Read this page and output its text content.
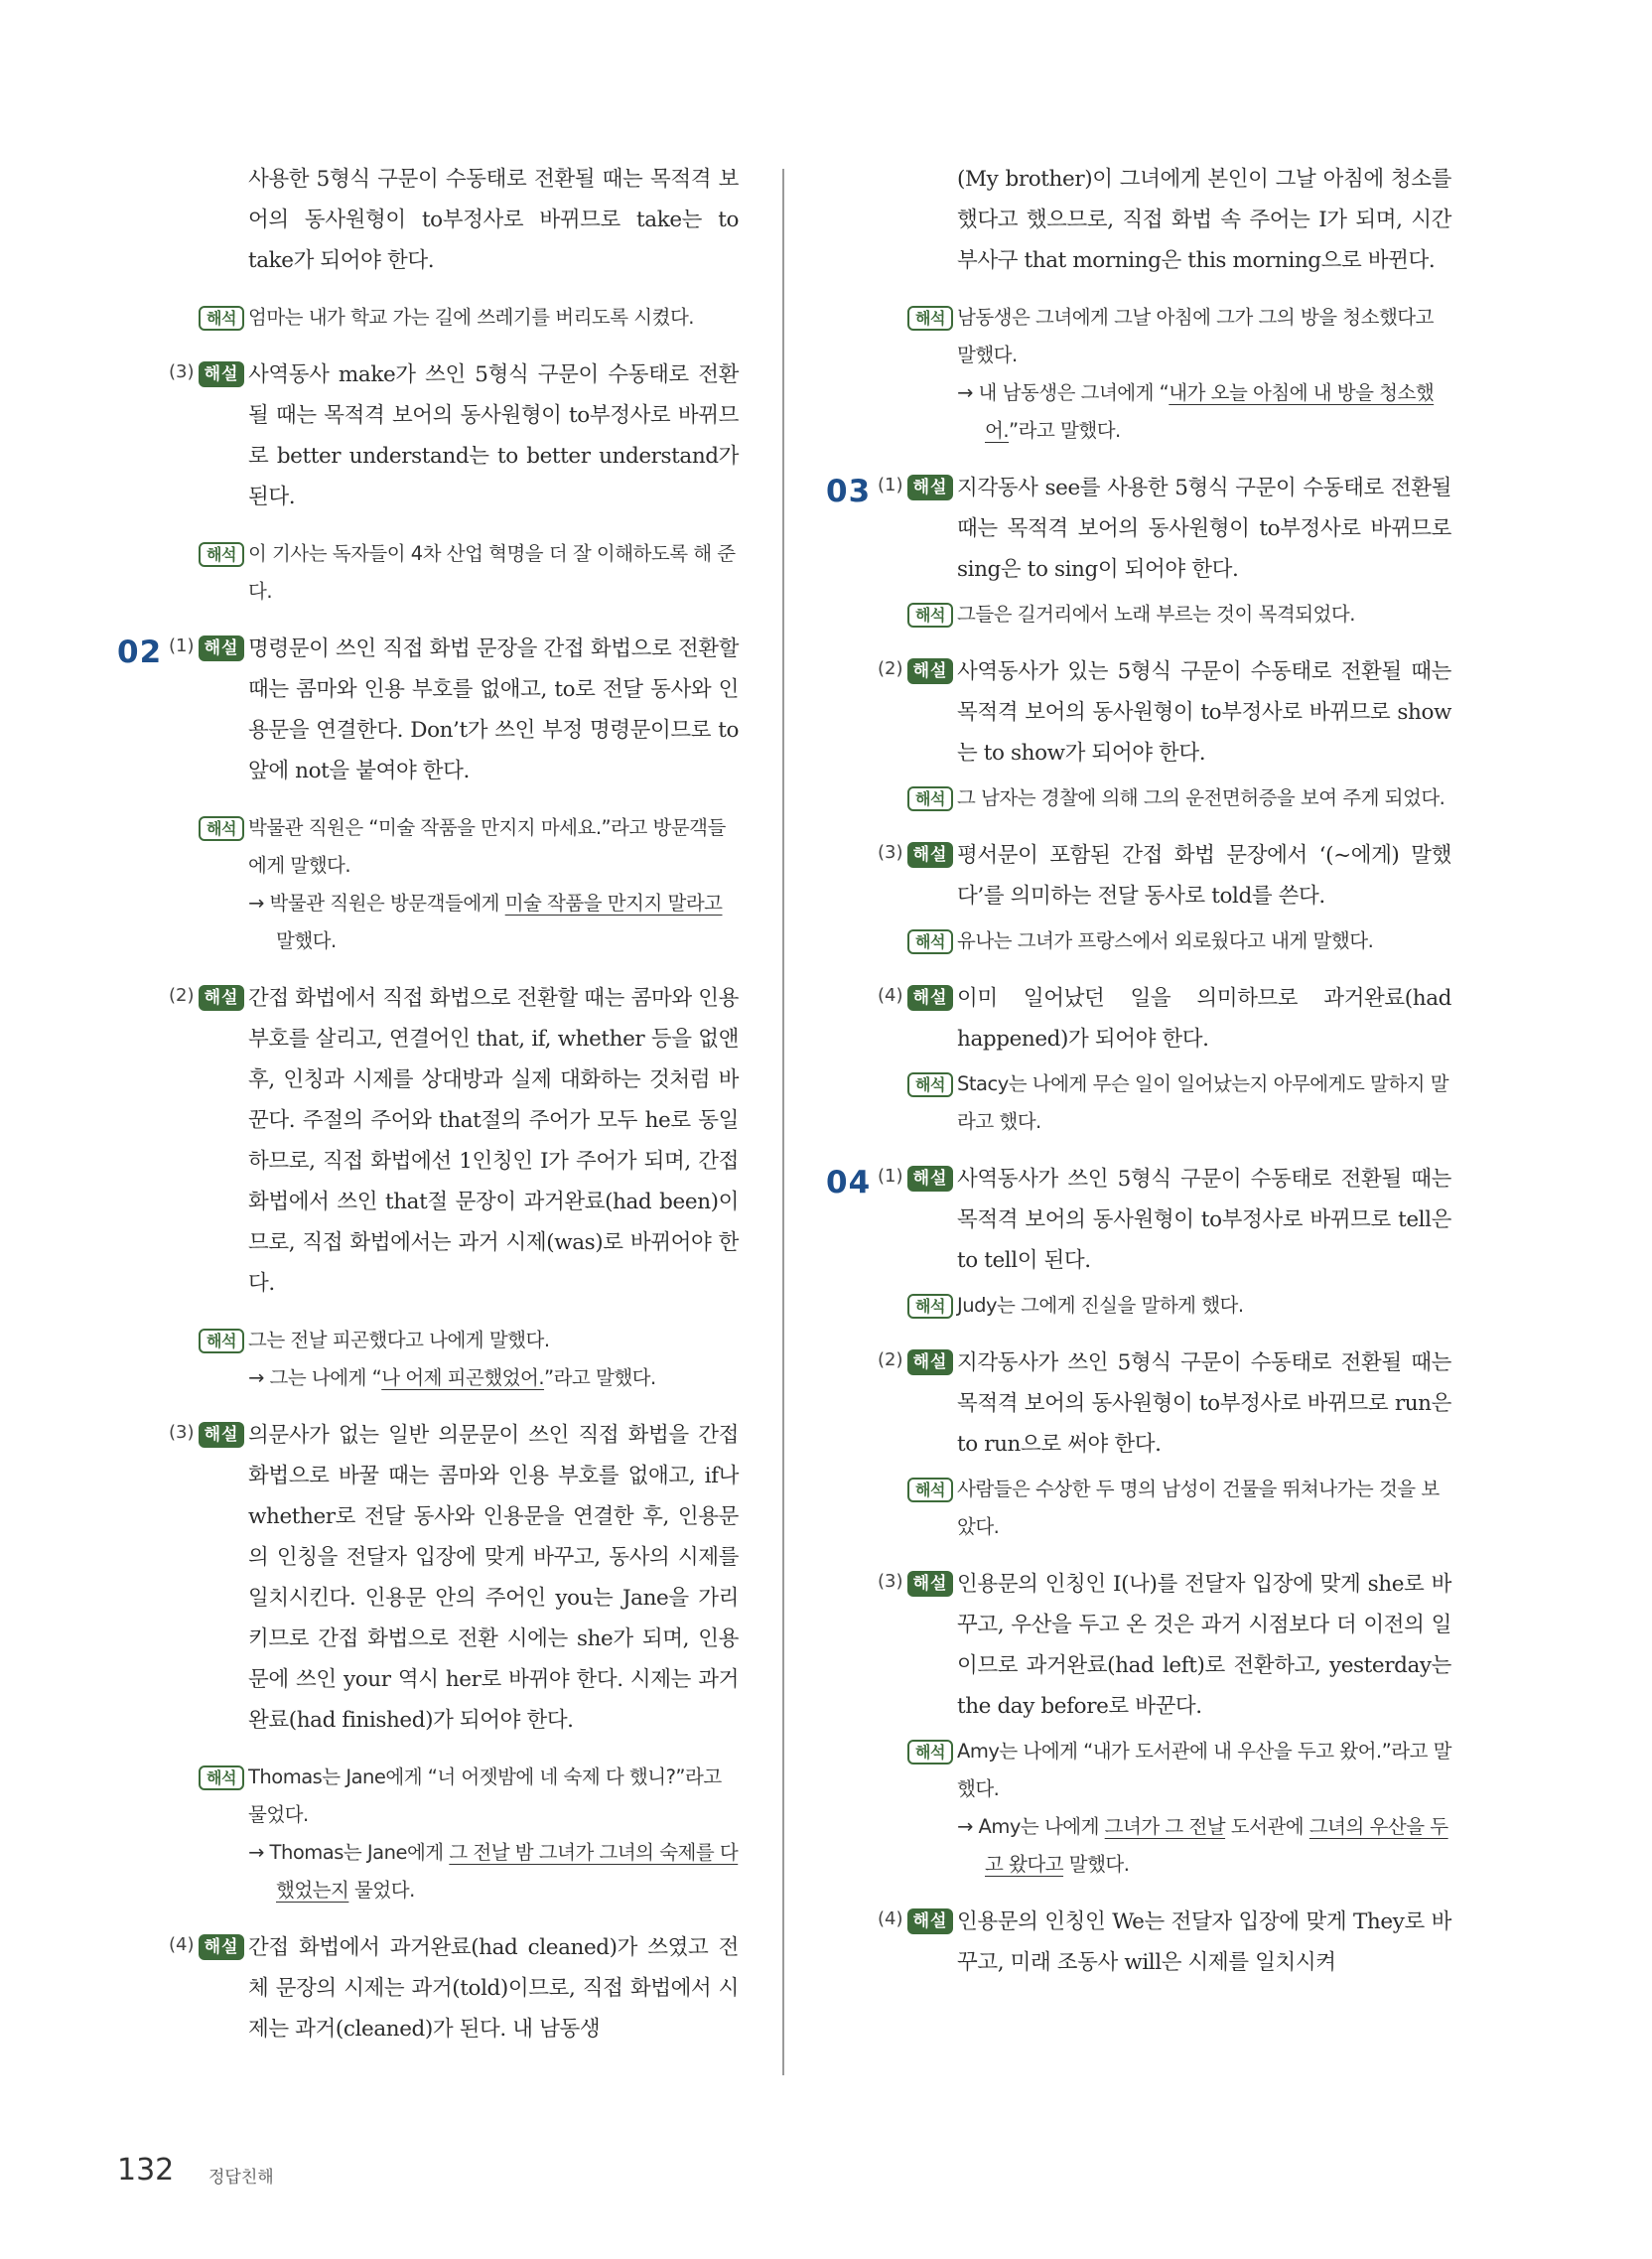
사용한 5형식 구문이 수동태로 전환될 때는 목적격 보어의 동사원형이 to부정사로 바뀌므로 take는 to take가 되어야 한다.

해석 엄마는 내가 학교 가는 길에 쓰레기를 버리도록 시켰다.

(3) 해설 사역동사 make가 쓰인 5형식 구문이 수동태로 전환될 때는 목적격 보어의 동사원형이 to부정사로 바뀌므로 better understand는 to better understand가 된다.

해석 이 기사는 독자들이 4차 산업 혁명을 더 잘 이해하도록 해 준다.

02 (1) 해설 명령문이 쓰인 직접 화법 문장을 간접 화법으로 전환할 때는 콤마와 인용 부호를 없애고, to로 전달 동사와 인용문을 연결한다. Don’t가 쓰인 부정 명령문이므로 to 앞에 not을 붙여야 한다.

해석 박물관 직원은 “미술 작품을 만지지 마세요.”라고 방문객들에게 말했다.

→ 박물관 직원은 방문객들에게 미술 작품을 만지지 말라고 말했다.

(2) 해설 간접 화법에서 직접 화법으로 전환할 때는 콤마와 인용 부호를 살리고, 연결어인 that, if, whether 등을 없앤 후, 인칭과 시제를 상대방과 실제 대화하는 것처럼 바꾼다. 주절의 주어와 that절의 주어가 모두 he로 동일하므로, 직접 화법에선 1인칭인 I가 주어가 되며, 간접 화법에서 쓰인 that절 문장이 과거완료(had been)이므로, 직접 화법에서는 과거 시제(was)로 바뀌어야 한다.

해석 그는 전날 피곤했다고 나에게 말했다.

→ 그는 나에게 “나 어제 피곤했었어.”라고 말했다.

(3) 해설 의문사가 없는 일반 의문문이 쓰인 직접 화법을 간접 화법으로 바꿀 때는 콤마와 인용 부호를 없애고, if나 whether로 전달 동사와 인용문을 연결한 후, 인용문의 인칭을 전달자 입장에 맞게 바꾸고, 동사의 시제를 일치시킨다. 인용문 안의 주어인 you는 Jane을 가리키므로 간접 화법으로 전환 시에는 she가 되며, 인용문에 쓰인 your 역시 her로 바뀌야 한다. 시제는 과거완료(had finished)가 되어야 한다.

해석 Thomas는 Jane에게 “너 어젯밤에 네 숙제 다 했니?”라고 물었다.

→ Thomas는 Jane에게 그 전날 밤 그녀가 그녀의 숙제를 다 했었는지 물었다.

(4) 해설 간접 화법에서 과거완료(had cleaned)가 쓰였고 전체 문장의 시제는 과거(told)이므로, 직접 화법에서 시제는 과거(cleaned)가 된다. 내 남동생

(My brother)이 그녀에게 본인이 그날 아침에 청소를 했다고 했으므로, 직접 화법 속 주어는 I가 되며, 시간 부사구 that morning은 this morning으로 바뀐다.

해석 남동생은 그녀에게 그날 아침에 그가 그의 방을 청소했다고 말했다.

→ 내 남동생은 그녀에게 “내가 오늘 아침에 내 방을 청소했어.”라고 말했다.

03 (1) 해설 지각동사 see를 사용한 5형식 구문이 수동태로 전환될 때는 목적격 보어의 동사원형이 to부정사로 바뀌므로 sing은 to sing이 되어야 한다.

해석 그들은 길거리에서 노래 부르는 것이 목격되었다.

(2) 해설 사역동사가 있는 5형식 구문이 수동태로 전환될 때는 목적격 보어의 동사원형이 to부정사로 바뀌므로 show는 to show가 되어야 한다.

해석 그 남자는 경찰에 의해 그의 운전면허증을 보여 주게 되었다.

(3) 해설 평서문이 포함된 간접 화법 문장에서 ‘(~에게) 말했다’를 의미하는 전달 동사로 told를 쓴다.

해석 유나는 그녀가 프랑스에서 외로웠다고 내게 말했다.

(4) 해설 이미 일어났던 일을 의미하므로 과거완료(had happened)가 되어야 한다.

해석 Stacy는 나에게 무슨 일이 일어났는지 아무에게도 말하지 말라고 했다.

04 (1) 해설 사역동사가 쓰인 5형식 구문이 수동태로 전환될 때는 목적격 보어의 동사원형이 to부정사로 바뀌므로 tell은 to tell이 된다.

해석 Judy는 그에게 진실을 말하게 했다.

(2) 해설 지각동사가 쓰인 5형식 구문이 수동태로 전환될 때는 목적격 보어의 동사원형이 to부정사로 바뀌므로 run은 to run으로 써야 한다.

해석 사람들은 수상한 두 명의 남성이 건물을 뛰쳐나가는 것을 보았다.

(3) 해설 인용문의 인칭인 I(나)를 전달자 입장에 맞게 she로 바꾸고, 우산을 두고 온 것은 과거 시점보다 더 이전의 일이므로 과거완료(had left)로 전환하고, yesterday는 the day before로 바꾼다.

해석 Amy는 나에게 “내가 도서관에 내 우산을 두고 왔어.”라고 말했다.

→ Amy는 나에게 그녀가 그 전날 도서관에 그녀의 우산을 두고 왔다고 말했다.

(4) 해설 인용문의 인칭인 We는 전달자 입장에 맞게 They로 바꾸고, 미래 조동사 will은 시제를 일치시켜

132 정답친해
